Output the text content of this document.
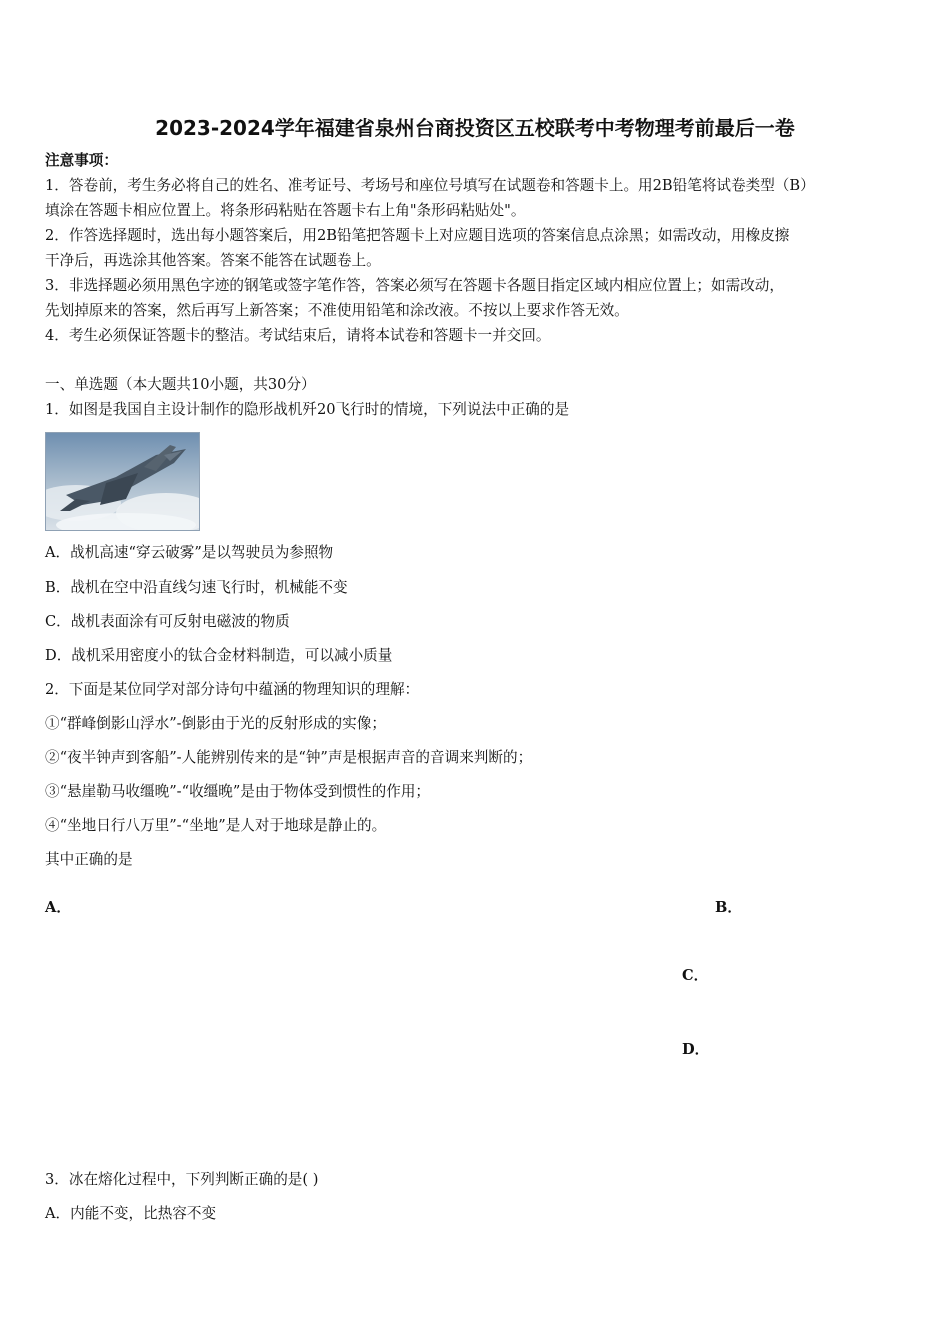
2023-2024学年福建省泉州台商投资区五校联考中考物理考前最后一卷
注意事项：
1．答卷前，考生务必将自己的姓名、准考证号、考场号和座位号填写在试题卷和答题卡上。用2B铅笔将试卷类型（B）
填涂在答题卡相应位置上。将条形码粘贴在答题卡右上角"条形码粘贴处"。
2．作答选择题时，选出每小题答案后，用2B铅笔把答题卡上对应题目选项的答案信息点涂黑；如需改动，用橡皮擦
干净后，再选涂其他答案。答案不能答在试题卷上。
3．非选择题必须用黑色字迹的钢笔或签字笔作答，答案必须写在答题卡各题目指定区域内相应位置上；如需改动，
先划掉原来的答案，然后再写上新答案；不准使用铅笔和涂改液。不按以上要求作答无效。
4．考生必须保证答题卡的整洁。考试结束后，请将本试卷和答题卡一并交回。
一、单选题（本大题共10小题，共30分）
1．如图是我国自主设计制作的隐形战机歼20飞行时的情境，下列说法中正确的是
A．战机高速“穿云破雾”是以驾驶员为参照物
B．战机在空中沿直线匀速飞行时，机械能不变
C．战机表面涂有可反射电磁波的物质
D．战机采用密度小的钛合金材料制造，可以减小质量
2．下面是某位同学对部分诗句中蕴涵的物理知识的理解：
①“群峰倒影山浮水”-倒影由于光的反射形成的实像；
②“夜半钟声到客船”-人能辨别传来的是“钟”声是根据声音的音调来判断的；
③“悬崖勒马收缰晚”-“收缰晚”是由于物体受到惯性的作用；
④“坐地日行八万里”-“坐地”是人对于地球是静止的。
其中正确的是
A．	B．
C．
D．
3．冰在熔化过程中，下列判断正确的是( )
A．内能不变，比热容不变
